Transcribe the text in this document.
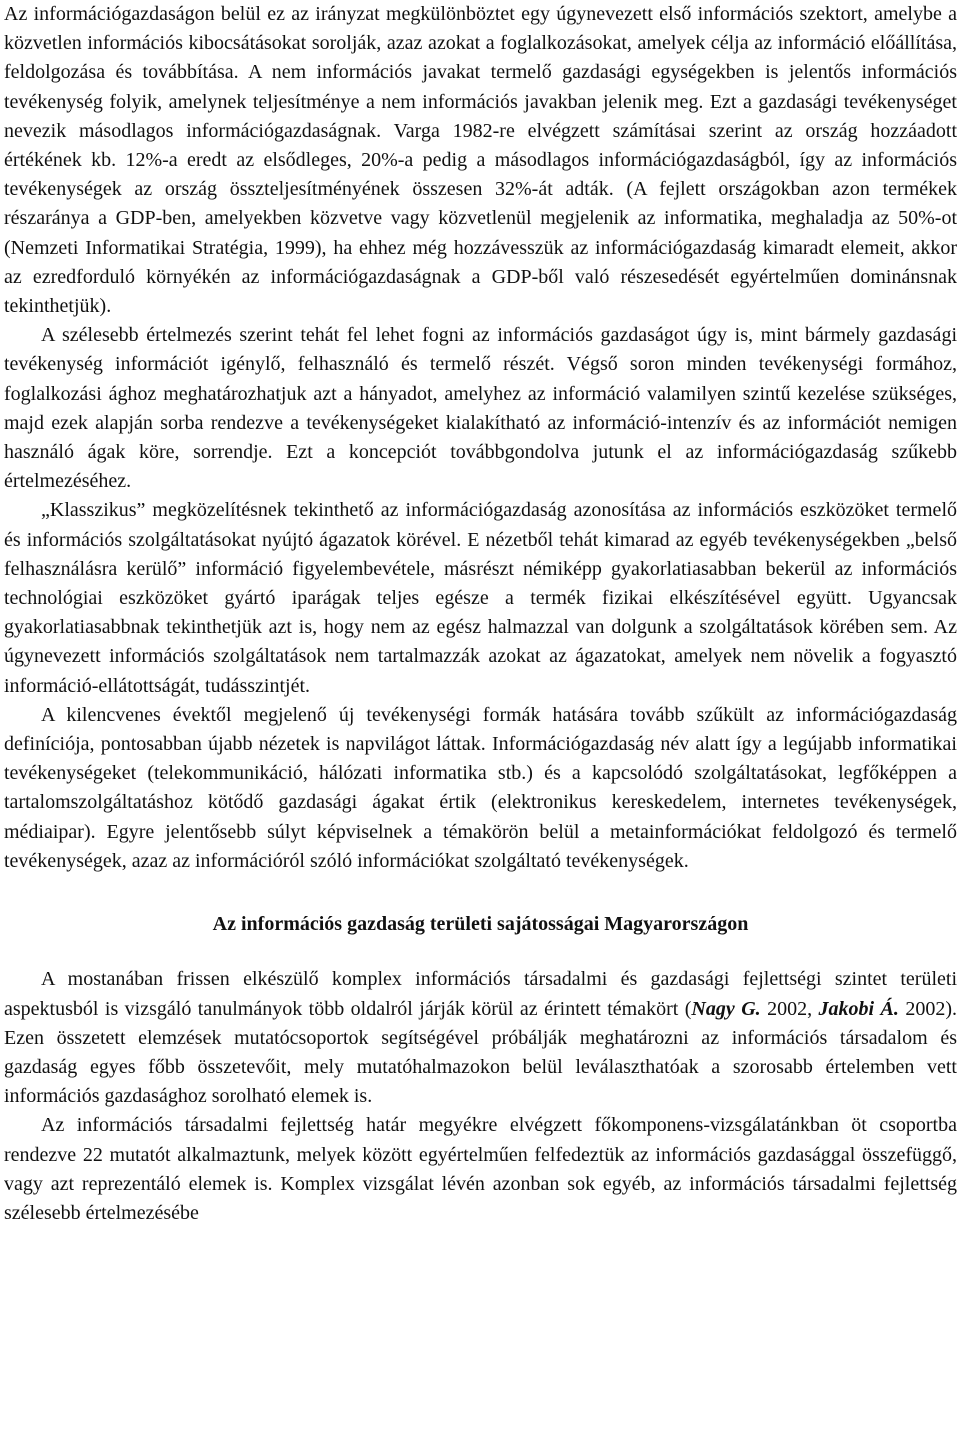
Az információgazdaságon belül ez az irányzat megkülönböztet egy úgynevezett első információs szektort, amelybe a közvetlen információs kibocsátásokat sorolják, azaz azokat a foglalkozásokat, amelyek célja az információ előállítása, feldolgozása és továbbítása. A nem információs javakat termelő gazdasági egységekben is jelentős információs tevékenység folyik, amelynek teljesítménye a nem információs javakban jelenik meg. Ezt a gazdasági tevékenységet nevezik másodlagos információgazdaságnak. Varga 1982-re elvégzett számításai szerint az ország hozzáadott értékének kb. 12%-a eredt az elsődleges, 20%-a pedig a másodlagos információgazdaságból, így az információs tevékenységek az ország összteljesítményének összesen 32%-át adták. (A fejlett országokban azon termékek részaránya a GDP-ben, amelyekben közvetve vagy közvetlenül megjelenik az informatika, meghaladja az 50%-ot (Nemzeti Informatikai Stratégia, 1999), ha ehhez még hozzávesszük az információgazdaság kimaradt elemeit, akkor az ezredforduló környékén az információgazdaságnak a GDP-ből való részesedését egyértelműen dominánsnak tekinthetjük).

A szélesebb értelmezés szerint tehát fel lehet fogni az információs gazdaságot úgy is, mint bármely gazdasági tevékenység információt igénylő, felhasználó és termelő részét. Végső soron minden tevékenységi formához, foglalkozási ághoz meghatározhatjuk azt a hányadot, amelyhez az információ valamilyen szintű kezelése szükséges, majd ezek alapján sorba rendezve a tevékenységeket kialakítható az információ-intenzív és az információt nemigen használó ágak köre, sorrendje. Ezt a koncepciót továbbgondolva jutunk el az információgazdaság szűkebb értelmezéséhez.

„Klasszikus” megközelítésnek tekinthető az információgazdaság azonosítása az információs eszközöket termelő és információs szolgáltatásokat nyújtó ágazatok körével. E nézetből tehát kimarad az egyéb tevékenységekben „belső felhasználásra kerülő” információ figyelembevétele, másrészt némiképp gyakorlatiasabban bekerül az információs technológiai eszközöket gyártó iparágak teljes egésze a termék fizikai elkészítésével együtt. Ugyancsak gyakorlatiasabbnak tekinthetjük azt is, hogy nem az egész halmazzal van dolgunk a szolgáltatások körében sem. Az úgynevezett információs szolgáltatások nem tartalmazzák azokat az ágazatokat, amelyek nem növelik a fogyasztó információ-ellátottságát, tudásszintjét.

A kilencvenes évektől megjelenő új tevékenységi formák hatására tovább szűkült az információgazdaság definíciója, pontosabban újabb nézetek is napvilágot láttak. Információgazdaság név alatt így a legújabb informatikai tevékenységeket (telekommunikáció, hálózati informatika stb.) és a kapcsolódó szolgáltatásokat, legfőképpen a tartalomszolgáltatáshoz kötődő gazdasági ágakat értik (elektronikus kereskedelem, internetes tevékenységek, médiaipar). Egyre jelentősebb súlyt képviselnek a témakörön belül a metainformációkat feldolgozó és termelő tevékenységek, azaz az információról szóló információkat szolgáltató tevékenységek.

Az információs gazdaság területi sajátosságai Magyarországon

A mostanában frissen elkészülő komplex információs társadalmi és gazdasági fejlettségi szintet területi aspektusból is vizsgáló tanulmányok több oldalról járják körül az érintett témakört (Nagy G. 2002, Jakobi Á. 2002). Ezen összetett elemzések mutatócsoportok segítségével próbálják meghatározni az információs társadalom és gazdaság egyes főbb összetevőit, mely mutatóhalmazokon belül leválaszthatóak a szorosabb értelemben vett információs gazdasághoz sorolható elemek is.

Az információs társadalmi fejlettség határ megyékre elvégzett főkomponens-vizsgálatánkban öt csoportba rendezve 22 mutatót alkalmaztunk, melyek között egyértelműen felfedeztük az információs gazdasággal összefüggő, vagy azt reprezentáló elemek is. Komplex vizsgálat lévén azonban sok egyéb, az információs társadalmi fejlettség szélesebb értelmezésébe
